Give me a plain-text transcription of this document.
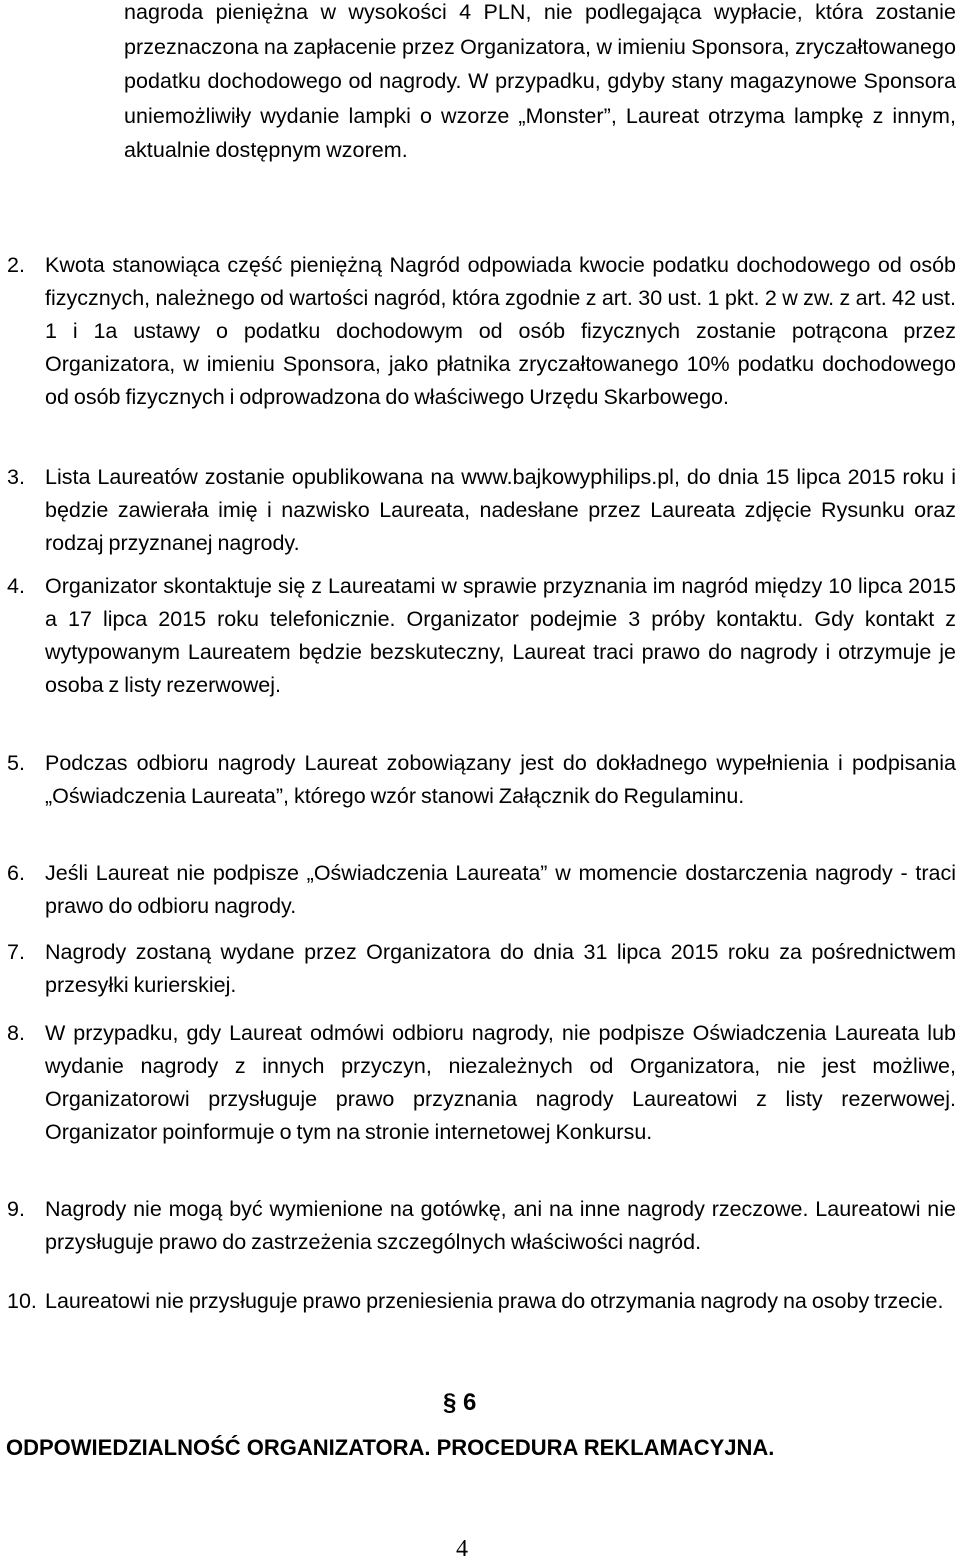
nagroda pieniężna w wysokości 4 PLN, nie podlegająca wypłacie, która zostanie przeznaczona na zapłacenie przez Organizatora, w imieniu Sponsora, zryczałtowanego podatku dochodowego od nagrody. W przypadku, gdyby stany magazynowe Sponsora uniemożliwiły wydanie lampki o wzorze „Monster”, Laureat otrzyma lampkę z innym, aktualnie dostępnym wzorem.
2. Kwota stanowiąca część pieniężną Nagród odpowiada kwocie podatku dochodowego od osób fizycznych, należnego od wartości nagród, która zgodnie z art. 30 ust. 1 pkt. 2 w zw. z art. 42 ust. 1 i 1a ustawy o podatku dochodowym od osób fizycznych zostanie potrącona przez Organizatora, w imieniu Sponsora, jako płatnika zryczałtowanego 10% podatku dochodowego od osób fizycznych i odprowadzona do właściwego Urzędu Skarbowego.
3. Lista Laureatów zostanie opublikowana na www.bajkowyphilips.pl, do dnia 15 lipca 2015 roku i będzie zawierała imię i nazwisko Laureata, nadesłane przez Laureata zdjęcie Rysunku oraz rodzaj przyznanej nagrody.
4. Organizator skontaktuje się z Laureatami w sprawie przyznania im nagród między 10 lipca 2015 a 17 lipca 2015 roku telefonicznie. Organizator podejmie 3 próby kontaktu. Gdy kontakt z wytypowanym Laureatem będzie bezskuteczny, Laureat traci prawo do nagrody i otrzymuje je osoba z listy rezerwowej.
5. Podczas odbioru nagrody Laureat zobowiązany jest do dokładnego wypełnienia i podpisania „Oświadczenia Laureata”, którego wzór stanowi Załącznik do Regulaminu.
6. Jeśli Laureat nie podpisze „Oświadczenia Laureata” w momencie dostarczenia nagrody - traci prawo do odbioru nagrody.
7. Nagrody zostaną wydane przez Organizatora do dnia 31 lipca 2015 roku za pośrednictwem przesyłki kurierskiej.
8. W przypadku, gdy Laureat odmówi odbioru nagrody, nie podpisze Oświadczenia Laureata lub wydanie nagrody z innych przyczyn, niezależnych od Organizatora, nie jest możliwe, Organizatorowi przysługuje prawo przyznania nagrody Laureatowi z listy rezerwowej. Organizator poinformuje o tym na stronie internetowej Konkursu.
9. Nagrody nie mogą być wymienione na gotówkę, ani na inne nagrody rzeczowe. Laureatowi nie przysługuje prawo do zastrzeżenia szczególnych właściwości nagród.
10. Laureatowi nie przysługuje prawo przeniesienia prawa do otrzymania nagrody na osoby trzecie.
§ 6
ODPOWIEDZIALNOŚĆ ORGANIZATORA. PROCEDURA REKLAMACYJNA.
4
